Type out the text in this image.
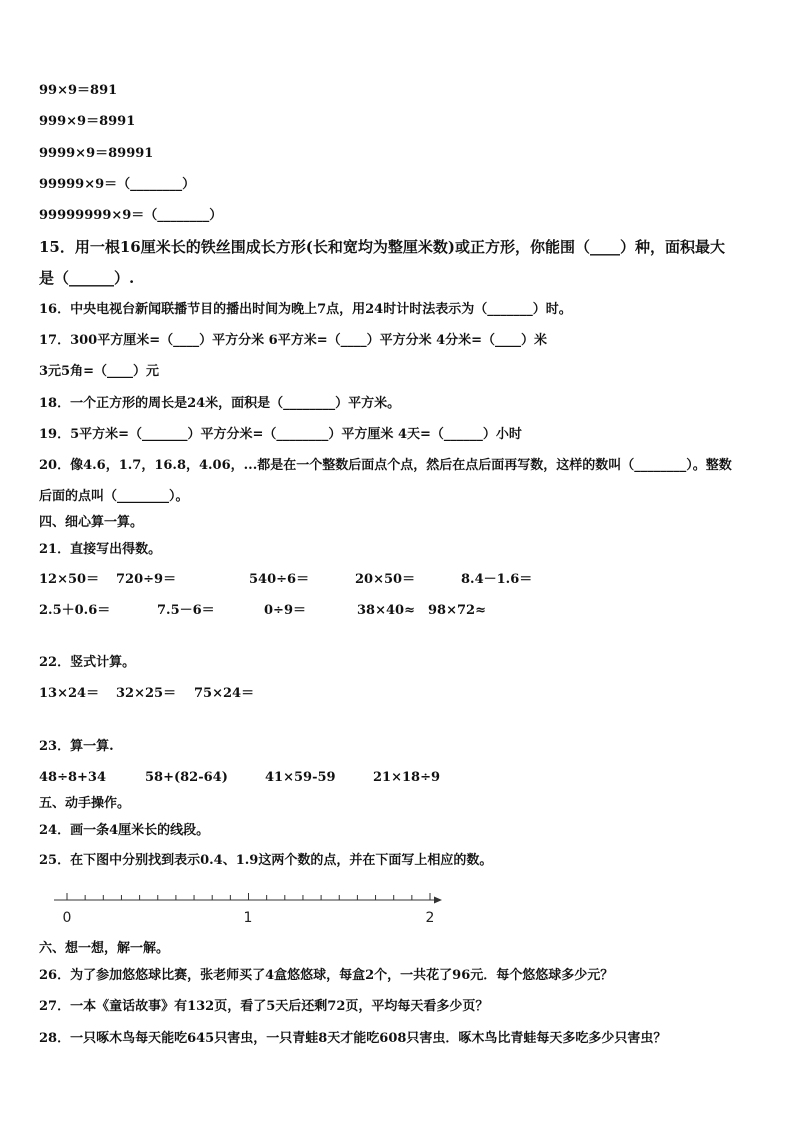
99×9＝891
999×9＝8991
9999×9＝89991
99999×9＝（________）
99999999×9＝（________）
15．用一根16厘米长的铁丝围成长方形(长和宽均为整厘米数)或正方形，你能围（____）种，面积最大
是（______）.
16．中央电视台新闻联播节目的播出时间为晚上7点，用24时计时法表示为（_______）时。
17．300平方厘米=（____）平方分米 6平方米=（____）平方分米 4分米=（____）米
3元5角=（____）元
18．一个正方形的周长是24米，面积是（________）平方米。
19．5平方米=（_______）平方分米=（________）平方厘米 4天=（______）小时
20．像4.6，1.7，16.8，4.06，...都是在一个整数后面点个点，然后在点后面再写数，这样的数叫（________）。整数
后面的点叫（________）。
四、细心算一算。
21．直接写出得数。
12×50＝ 720÷9＝	540÷6＝	20×50＝	8.4－1.6＝
2.5＋0.6＝	7.5－6＝	0÷9＝	38×40≈ 98×72≈
22．竖式计算。
13×24＝ 32×25＝ 75×24＝
23．算一算.
48÷8+34	58+(82-64)	41×59-59	21×18÷9
五、动手操作。
24．画一条4厘米长的线段。
25．在下图中分别找到表示0.4、1.9这两个数的点，并在下面写上相应的数。
0	1	2
六、想一想，解一解。
26．为了参加悠悠球比赛，张老师买了4盒悠悠球，每盒2个，一共花了96元．每个悠悠球多少元？
27．一本《童话故事》有132页，看了5天后还剩72页，平均每天看多少页？
28．一只啄木鸟每天能吃645只害虫，一只青蛙8天才能吃608只害虫．啄木鸟比青蛙每天多吃多少只害虫？
